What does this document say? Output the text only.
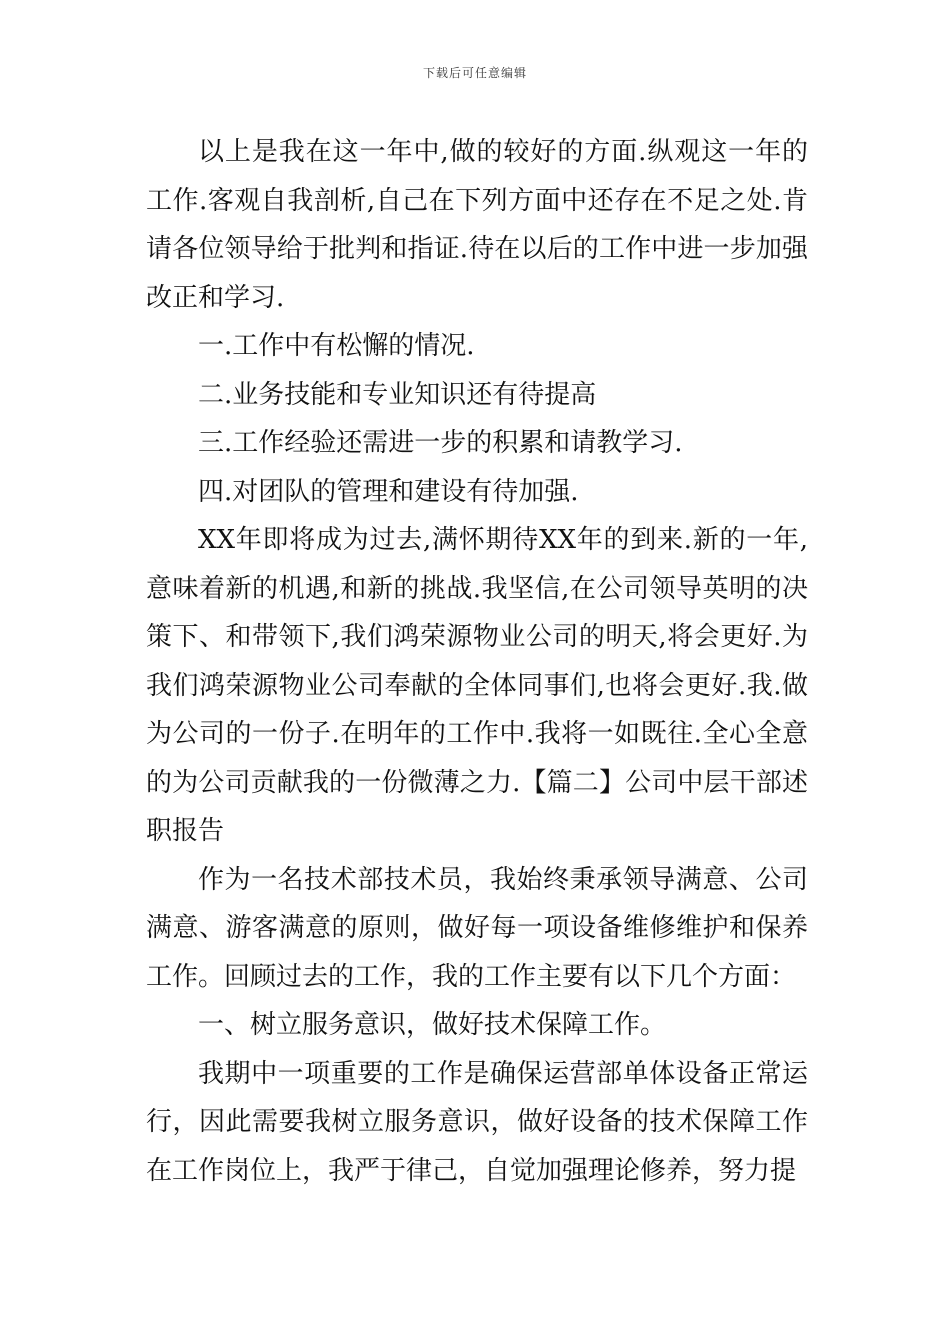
下载后可任意编辑

以上是我在这一年中,做的较好的方面.纵观这一年的工作.客观自我剖析,自己在下列方面中还存在不足之处.肯请各位领导给于批判和指证.待在以后的工作中进一步加强改正和学习.

一.工作中有松懈的情况.

二.业务技能和专业知识还有待提高

三.工作经验还需进一步的积累和请教学习.

四.对团队的管理和建设有待加强.

XX年即将成为过去,满怀期待XX年的到来.新的一年,意味着新的机遇,和新的挑战.我坚信,在公司领导英明的决策下、和带领下,我们鸿荣源物业公司的明天,将会更好.为我们鸿荣源物业公司奉献的全体同事们,也将会更好.我.做为公司的一份子.在明年的工作中.我将一如既往.全心全意的为公司贡献我的一份微薄之力.【篇二】公司中层干部述职报告

作为一名技术部技术员，我始终秉承领导满意、公司满意、游客满意的原则，做好每一项设备维修维护和保养工作。回顾过去的工作，我的工作主要有以下几个方面：

一、树立服务意识，做好技术保障工作。

我期中一项重要的工作是确保运营部单体设备正常运行，因此需要我树立服务意识，做好设备的技术保障工作在工作岗位上，我严于律己，自觉加强理论修养，努力提
